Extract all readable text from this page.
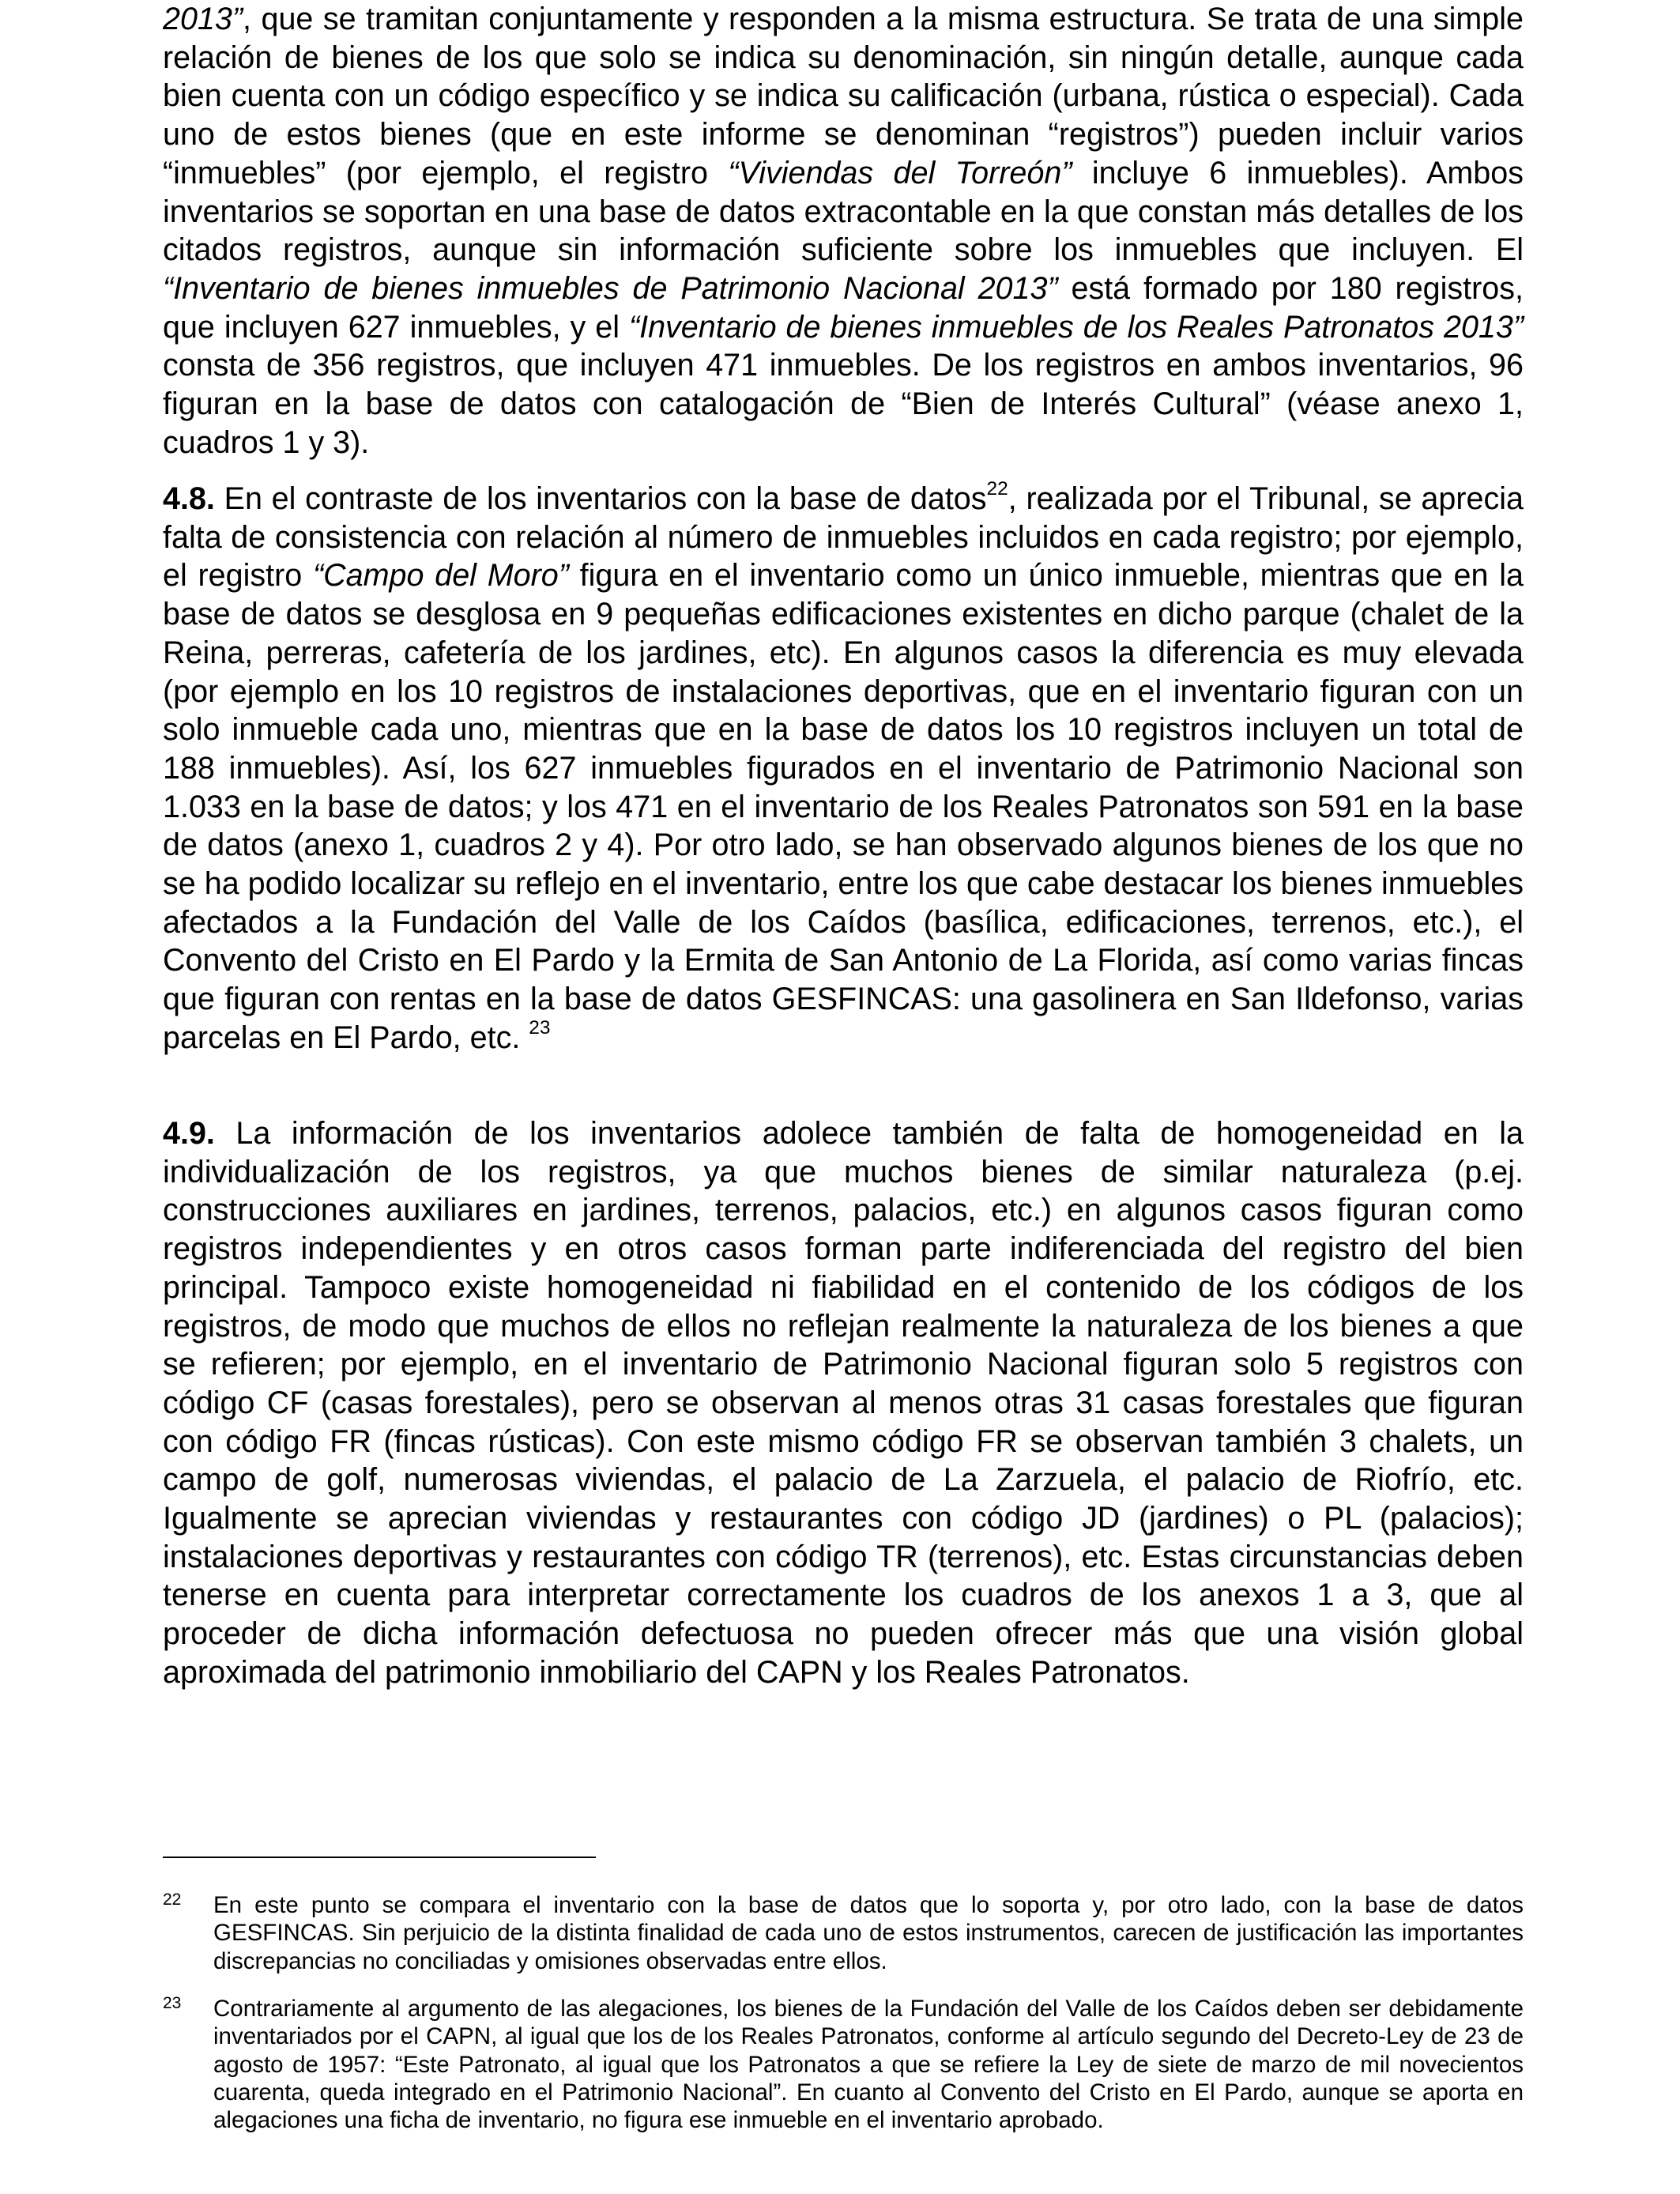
2013”, que se tramitan conjuntamente y responden a la misma estructura. Se trata de una simple relación de bienes de los que solo se indica su denominación, sin ningún detalle, aunque cada bien cuenta con un código específico y se indica su calificación (urbana, rústica o especial). Cada uno de estos bienes (que en este informe se denominan “registros”) pueden incluir varios “inmuebles” (por ejemplo, el registro “Viviendas del Torreón” incluye 6 inmuebles). Ambos inventarios se soportan en una base de datos extracontable en la que constan más detalles de los citados registros, aunque sin información suficiente sobre los inmuebles que incluyen. El “Inventario de bienes inmuebles de Patrimonio Nacional 2013” está formado por 180 registros, que incluyen 627 inmuebles, y el “Inventario de bienes inmuebles de los Reales Patronatos 2013” consta de 356 registros, que incluyen 471 inmuebles. De los registros en ambos inventarios, 96 figuran en la base de datos con catalogación de “Bien de Interés Cultural” (véase anexo 1, cuadros 1 y 3).

4.8. En el contraste de los inventarios con la base de datos$^{22}$, realizada por el Tribunal, se aprecia falta de consistencia con relación al número de inmuebles incluidos en cada registro; por ejemplo, el registro “Campo del Moro” figura en el inventario como un único inmueble, mientras que en la base de datos se desglosa en 9 pequeñas edificaciones existentes en dicho parque (chalet de la Reina, perreras, cafetería de los jardines, etc). En algunos casos la diferencia es muy elevada (por ejemplo en los 10 registros de instalaciones deportivas, que en el inventario figuran con un solo inmueble cada uno, mientras que en la base de datos los 10 registros incluyen un total de 188 inmuebles). Así, los 627 inmuebles figurados en el inventario de Patrimonio Nacional son 1.033 en la base de datos; y los 471 en el inventario de los Reales Patronatos son 591 en la base de datos (anexo 1, cuadros 2 y 4). Por otro lado, se han observado algunos bienes de los que no se ha podido localizar su reflejo en el inventario, entre los que cabe destacar los bienes inmuebles afectados a la Fundación del Valle de los Caídos (basílica, edificaciones, terrenos, etc.), el Convento del Cristo en El Pardo y la Ermita de San Antonio de La Florida, así como varias fincas que figuran con rentas en la base de datos GESFINCAS: una gasolinera en San Ildefonso, varias parcelas en El Pardo, etc. $^{23}$

4.9. La información de los inventarios adolece también de falta de homogeneidad en la individualización de los registros, ya que muchos bienes de similar naturaleza (p.ej. construcciones auxiliares en jardines, terrenos, palacios, etc.) en algunos casos figuran como registros independientes y en otros casos forman parte indiferenciada del registro del bien principal. Tampoco existe homogeneidad ni fiabilidad en el contenido de los códigos de los registros, de modo que muchos de ellos no reflejan realmente la naturaleza de los bienes a que se refieren; por ejemplo, en el inventario de Patrimonio Nacional figuran solo 5 registros con código CF (casas forestales), pero se observan al menos otras 31 casas forestales que figuran con código FR (fincas rústicas). Con este mismo código FR se observan también 3 chalets, un campo de golf, numerosas viviendas, el palacio de La Zarzuela, el palacio de Riofrío, etc. Igualmente se aprecian viviendas y restaurantes con código JD (jardines) o PL (palacios); instalaciones deportivas y restaurantes con código TR (terrenos), etc. Estas circunstancias deben tenerse en cuenta para interpretar correctamente los cuadros de los anexos 1 a 3, que al proceder de dicha información defectuosa no pueden ofrecer más que una visión global aproximada del patrimonio inmobiliario del CAPN y los Reales Patronatos.

22 En este punto se compara el inventario con la base de datos que lo soporta y, por otro lado, con la base de datos GESFINCAS. Sin perjuicio de la distinta finalidad de cada uno de estos instrumentos, carecen de justificación las importantes discrepancias no conciliadas y omisiones observadas entre ellos.

23 Contrariamente al argumento de las alegaciones, los bienes de la Fundación del Valle de los Caídos deben ser debidamente inventariados por el CAPN, al igual que los de los Reales Patronatos, conforme al artículo segundo del Decreto-Ley de 23 de agosto de 1957: “Este Patronato, al igual que los Patronatos a que se refiere la Ley de siete de marzo de mil novecientos cuarenta, queda integrado en el Patrimonio Nacional”. En cuanto al Convento del Cristo en El Pardo, aunque se aporta en alegaciones una ficha de inventario, no figura ese inmueble en el inventario aprobado.
